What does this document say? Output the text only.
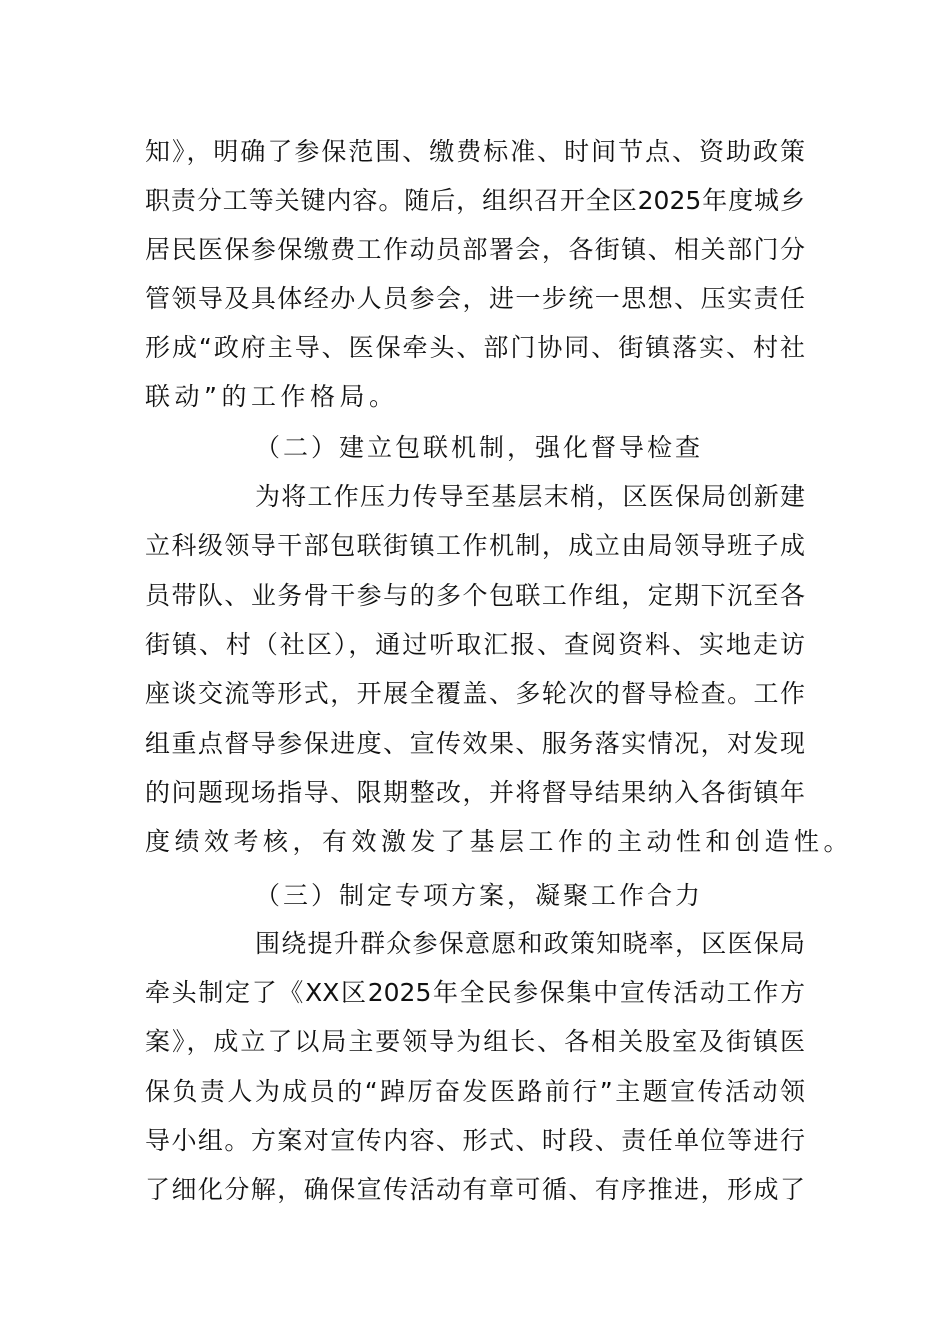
知》，明确了参保范围、缴费标准、时间节点、资助政策
职责分工等关键内容。随后，组织召开全区2025年度城乡
居民医保参保缴费工作动员部署会，各街镇、相关部门分
管领导及具体经办人员参会，进一步统一思想、压实责任
形成“政府主导、医保牵头、部门协同、街镇落实、村社
联动”的工作格局。
（二）建立包联机制，强化督导检查
为将工作压力传导至基层末梢，区医保局创新建
立科级领导干部包联街镇工作机制，成立由局领导班子成
员带队、业务骨干参与的多个包联工作组，定期下沉至各
街镇、村（社区），通过听取汇报、查阅资料、实地走访
座谈交流等形式，开展全覆盖、多轮次的督导检查。工作
组重点督导参保进度、宣传效果、服务落实情况，对发现
的问题现场指导、限期整改，并将督导结果纳入各街镇年
度绩效考核，有效激发了基层工作的主动性和创造性。
（三）制定专项方案，凝聚工作合力
围绕提升群众参保意愿和政策知晓率，区医保局
牵头制定了《XX区2025年全民参保集中宣传活动工作方
案》，成立了以局主要领导为组长、各相关股室及街镇医
保负责人为成员的“踔厉奋发医路前行”主题宣传活动领
导小组。方案对宣传内容、形式、时段、责任单位等进行
了细化分解，确保宣传活动有章可循、有序推进，形成了
